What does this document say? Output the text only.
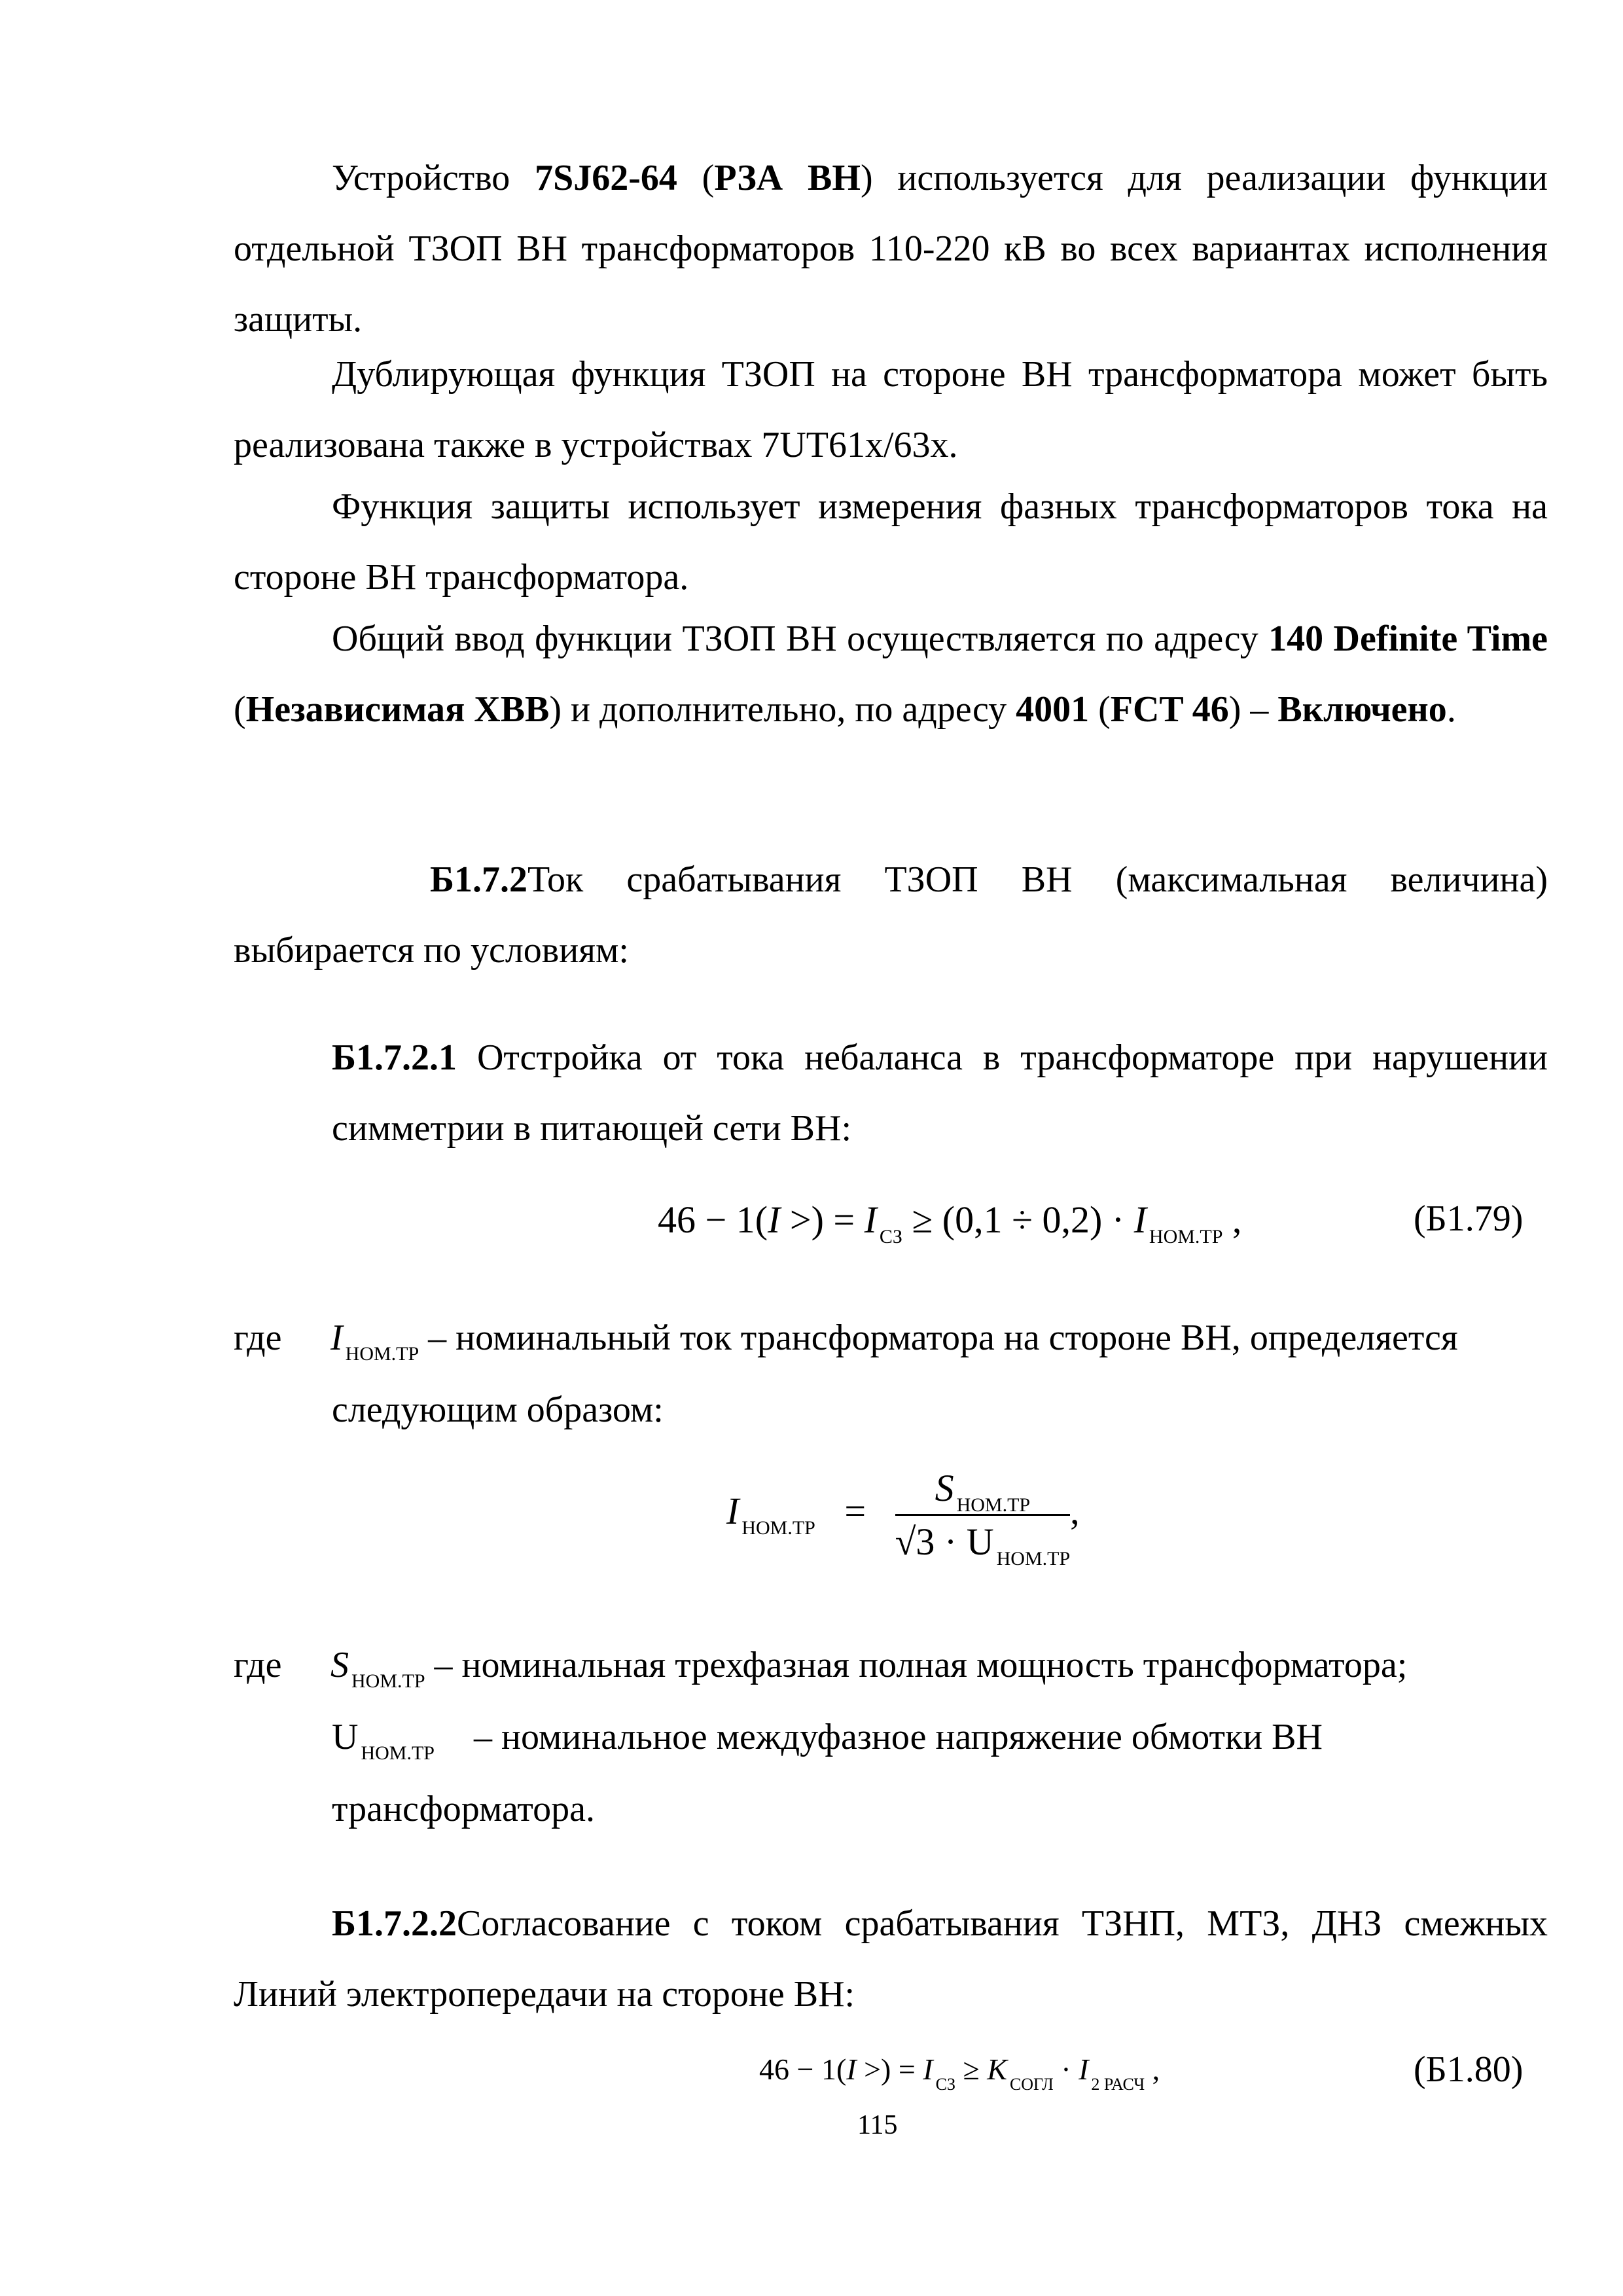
Устройство 7SJ62-64 (РЗА ВН) используется для реализации функции отдельной ТЗОП ВН трансформаторов 110-220 кВ во всех вариантах исполнения защиты.

Дублирующая функция ТЗОП на стороне ВН трансформатора может быть реализована также в устройствах 7UT61x/63x.

Функция защиты использует измерения фазных трансформаторов тока на стороне ВН трансформатора.

Общий ввод функции ТЗОП ВН осуществляется по адресу 140 Definite Time (Независимая ХВВ) и дополнительно, по адресу 4001 (FCT 46) – Включено.

Б1.7.2Ток срабатывания ТЗОП ВН (максимальная величина) выбирается по условиям:

Б1.7.2.1 Отстройка от тока небаланса в трансформаторе при нарушении симметрии в питающей сети ВН:

46 − 1(I >) = I $_{СЗ}$ ≥ (0,1 ÷ 0,2) · I $_{НОМ.ТР}$ ,	(Б1.79)
где I $_{НОМ.ТР}$ – номинальный ток трансформатора на стороне ВН, определяется
следующим образом:
I $_{НОМ.ТР} = \frac{S _{НОМ.ТР}}{√3 \cdot U _{НОМ.ТР}}$ ,
где S $_{НОМ.ТР}$ – номинальная трехфазная полная мощность трансформатора;
U $_{НОМ.ТР}$ – номинальное междуфазное напряжение обмотки ВН
трансформатора.

Б1.7.2.2Согласование с током срабатывания ТЗНП, МТЗ, ДНЗ смежных Линий электропередачи на стороне ВН:

46 − 1(I >) = I $_{СЗ}$ ≥ K $_{СОГЛ}$ · I $_{2 РАСЧ}$ ,	(Б1.80)
115
